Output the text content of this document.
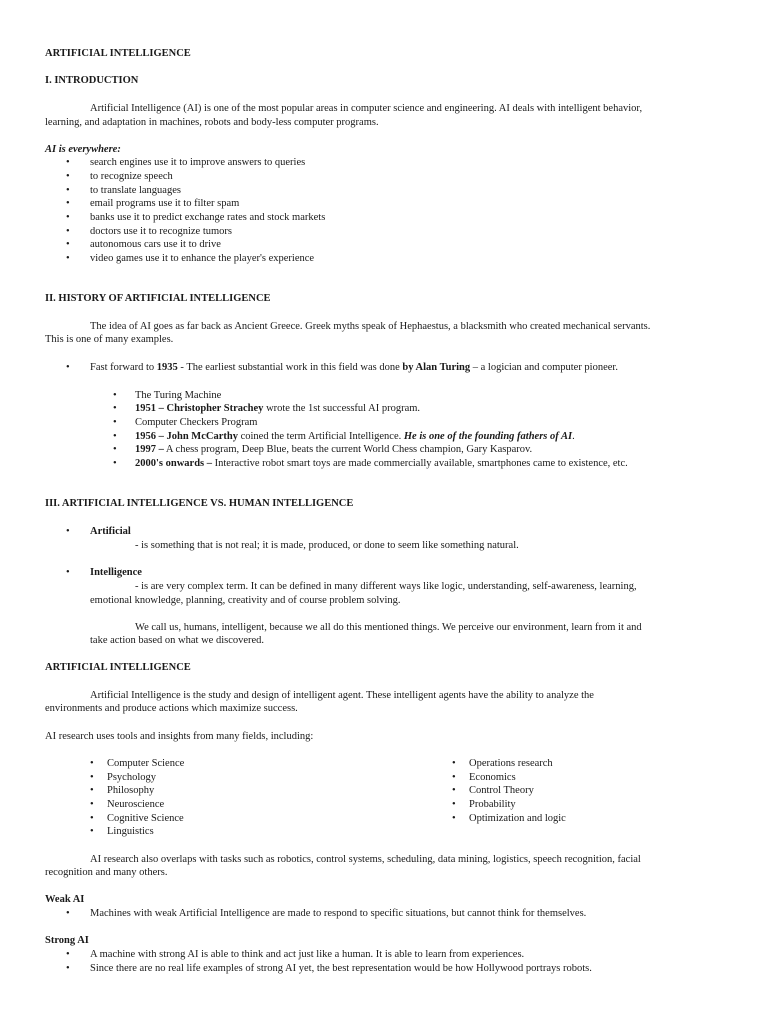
ARTIFICIAL INTELLIGENCE
I. INTRODUCTION
Artificial Intelligence (AI) is one of the most popular areas in computer science and engineering. AI deals with intelligent behavior,
learning, and adaptation in machines, robots and body-less computer programs.
AI is everywhere:
•	search engines use it to improve answers to queries
•	to recognize speech
•	to translate languages
•	email programs use it to filter spam
•	banks use it to predict exchange rates and stock markets
•	doctors use it to recognize tumors
•	autonomous cars use it to drive
•	video games use it to enhance the player's experience
II. HISTORY OF ARTIFICIAL INTELLIGENCE
The idea of AI goes as far back as Ancient Greece. Greek myths speak of Hephaestus, a blacksmith who created mechanical servants.
This is one of many examples.
•	Fast forward to 1935 - The earliest substantial work in this field was done by Alan Turing – a logician and computer pioneer.
•	The Turing Machine
•	1951 – Christopher Strachey wrote the 1st successful AI program.
•	Computer Checkers Program
•	1956 – John McCarthy coined the term Artificial Intelligence. He is one of the founding fathers of AI.
•	1997 – A chess program, Deep Blue, beats the current World Chess champion, Gary Kasparov.
•	2000's onwards – Interactive robot smart toys are made commercially available, smartphones came to existence, etc.
III. ARTIFICIAL INTELLIGENCE VS. HUMAN INTELLIGENCE
•	Artificial
- is something that is not real; it is made, produced, or done to seem like something natural.
•	Intelligence
- is are very complex term. It can be defined in many different ways like logic, understanding, self-awareness, learning,
emotional knowledge, planning, creativity and of course problem solving.
We call us, humans, intelligent, because we all do this mentioned things. We perceive our environment, learn from it and
take action based on what we discovered.
ARTIFICIAL INTELLIGENCE
Artificial Intelligence is the study and design of intelligent agent. These intelligent agents have the ability to analyze the
environments and produce actions which maximize success.
AI research uses tools and insights from many fields, including:
•	Computer Science
•	Psychology
•	Philosophy
•	Neuroscience
•	Cognitive Science
•	Linguistics
•	Operations research
•	Economics
•	Control Theory
•	Probability
•	Optimization and logic
AI research also overlaps with tasks such as robotics, control systems, scheduling, data mining, logistics, speech recognition, facial
recognition and many others.
Weak AI
•	Machines with weak Artificial Intelligence are made to respond to specific situations, but cannot think for themselves.
Strong AI
•	A machine with strong AI is able to think and act just like a human. It is able to learn from experiences.
•	Since there are no real life examples of strong AI yet, the best representation would be how Hollywood portrays robots.
